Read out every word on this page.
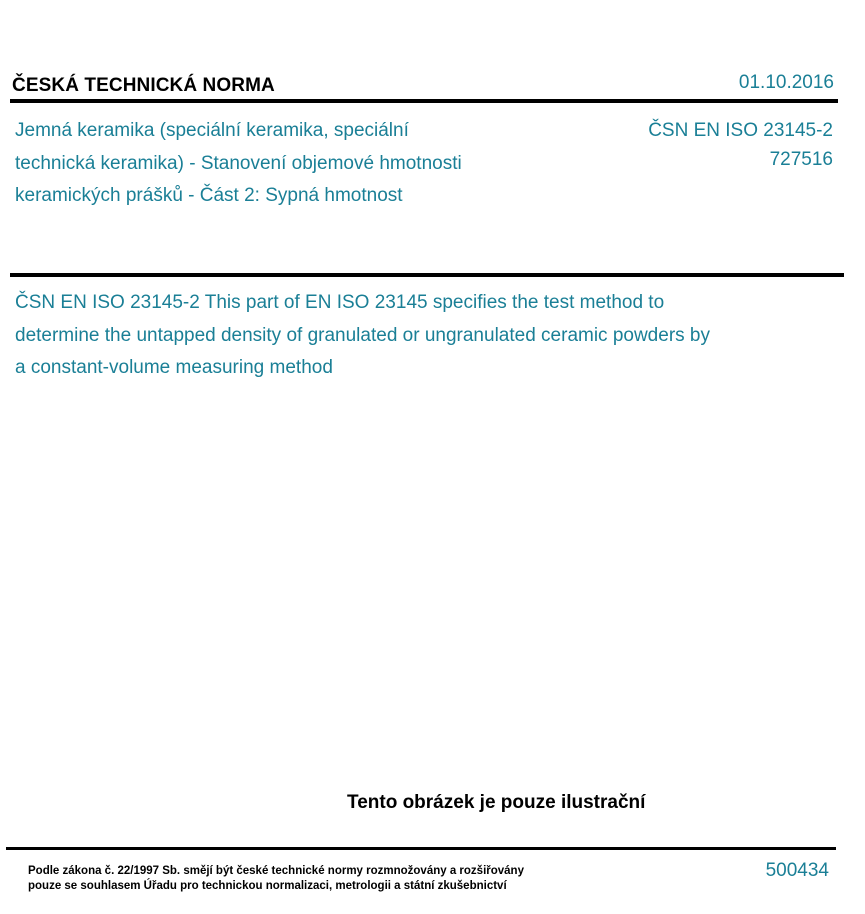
ČESKÁ TECHNICKÁ NORMA	01.10.2016
Jemná keramika (speciální keramika, speciální technická keramika) - Stanovení objemové hmotnosti keramických prášků - Část 2: Sypná hmotnost
ČSN EN ISO 23145-2
727516
ČSN EN ISO 23145-2 This part of EN ISO 23145 specifies the test method to determine the untapped density of granulated or ungranulated ceramic powders by a constant-volume measuring method
Tento obrázek je pouze ilustrační
Podle zákona č. 22/1997 Sb. smějí být české technické normy rozmnožovány a rozšiřovány
pouze se souhlasem Úřadu pro technickou normalizaci, metrologii a státní zkušebnictví
500434
